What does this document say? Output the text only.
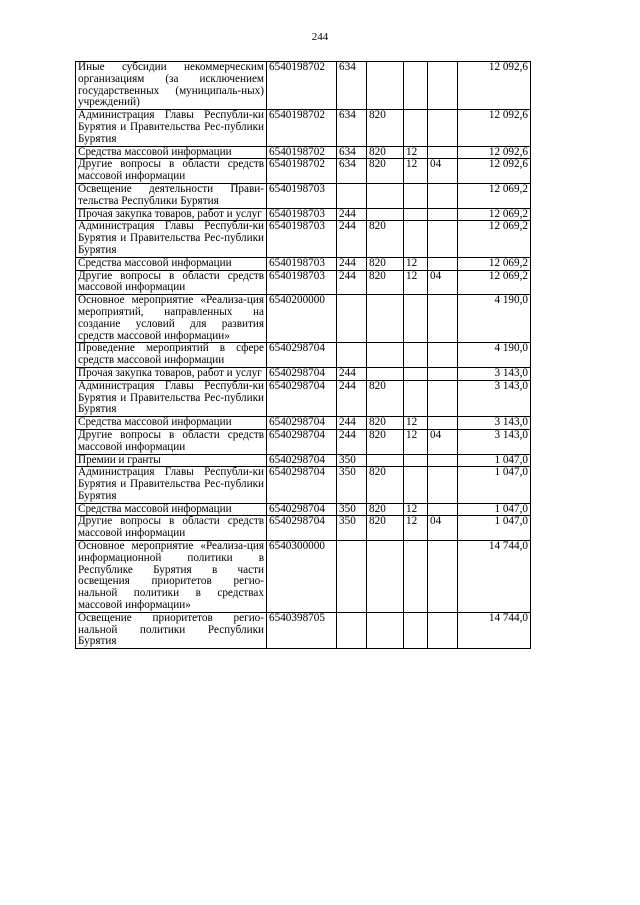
244
Иные субсидии некоммерческим организациям (за исключением государственных (муниципаль-ных) учреждений)	6540198702	634				12 092,6
Администрация Главы Республи-ки Бурятия и Правительства Рес-публики Бурятия	6540198702	634	820			12 092,6
Средства массовой информации	6540198702	634	820	12		12 092,6
Другие вопросы в области средств массовой информации	6540198702	634	820	12	04	12 092,6
Освещение деятельности Прави-тельства Республики Бурятия	6540198703					12 069,2
Прочая закупка товаров, работ и услуг	6540198703	244				12 069,2
Администрация Главы Республи-ки Бурятия и Правительства Рес-публики Бурятия	6540198703	244	820			12 069,2
Средства массовой информации	6540198703	244	820	12		12 069,2
Другие вопросы в области средств массовой информации	6540198703	244	820	12	04	12 069,2
Основное мероприятие «Реализа-ция мероприятий, направленных на создание условий для развития средств массовой информации»	6540200000					4 190,0
Проведение мероприятий в сфере средств массовой информации	6540298704					4 190,0
Прочая закупка товаров, работ и услуг	6540298704	244				3 143,0
Администрация Главы Республи-ки Бурятия и Правительства Рес-публики Бурятия	6540298704	244	820			3 143,0
Средства массовой информации	6540298704	244	820	12		3 143,0
Другие вопросы в области средств массовой информации	6540298704	244	820	12	04	3 143,0
Премии и гранты	6540298704	350				1 047,0
Администрация Главы Республи-ки Бурятия и Правительства Рес-публики Бурятия	6540298704	350	820			1 047,0
Средства массовой информации	6540298704	350	820	12		1 047,0
Другие вопросы в области средств массовой информации	6540298704	350	820	12	04	1 047,0
Основное мероприятие «Реализа-ция информационной политики в Республике Бурятия в части освещения приоритетов регио-нальной политики в средствах массовой информации»	6540300000					14 744,0
Освещение приоритетов регио-нальной политики Республики Бурятия	6540398705					14 744,0
